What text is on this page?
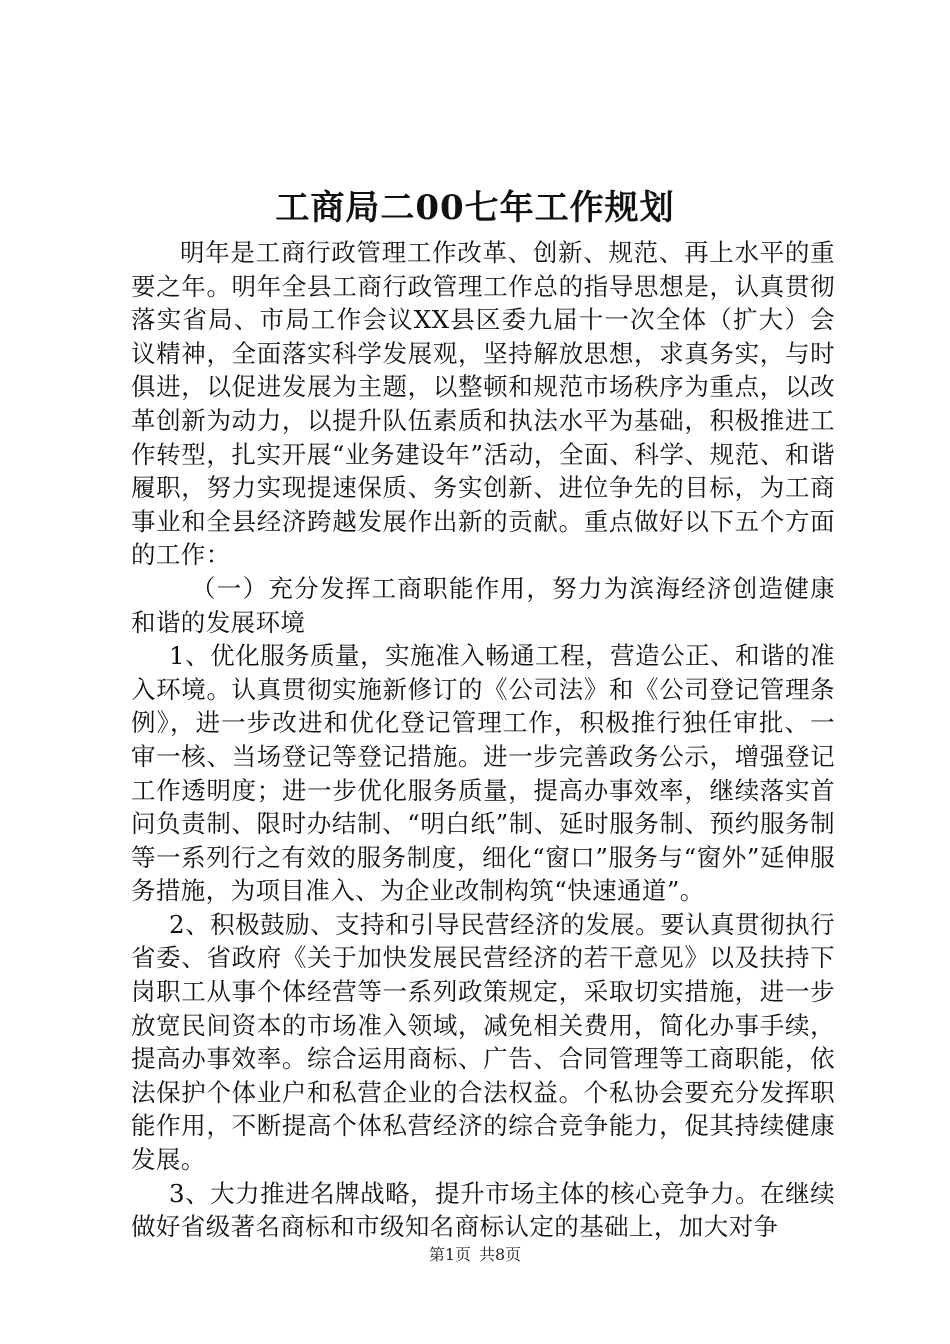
工商局二00七年工作规划

明年是工商行政管理工作改革、创新、规范、再上水平的重要之年。明年全县工商行政管理工作总的指导思想是，认真贯彻落实省局、市局工作会议XX县区委九届十一次全体（扩大）会议精神，全面落实科学发展观，坚持解放思想，求真务实，与时俱进，以促进发展为主题，以整顿和规范市场秩序为重点，以改革创新为动力，以提升队伍素质和执法水平为基础，积极推进工作转型，扎实开展“业务建设年”活动，全面、科学、规范、和谐履职，努力实现提速保质、务实创新、进位争先的目标，为工商事业和全县经济跨越发展作出新的贡献。重点做好以下五个方面的工作：

（一）充分发挥工商职能作用，努力为滨海经济创造健康和谐的发展环境

1、优化服务质量，实施准入畅通工程，营造公正、和谐的准入环境。认真贯彻实施新修订的《公司法》和《公司登记管理条例》，进一步改进和优化登记管理工作，积极推行独任审批、一审一核、当场登记等登记措施。进一步完善政务公示，增强登记工作透明度；进一步优化服务质量，提高办事效率，继续落实首问负责制、限时办结制、“明白纸”制、延时服务制、预约服务制等一系列行之有效的服务制度，细化“窗口”服务与“窗外”延伸服务措施，为项目准入、为企业改制构筑“快速通道”。

2、积极鼓励、支持和引导民营经济的发展。要认真贯彻执行省委、省政府《关于加快发展民营经济的若干意见》以及扶持下岗职工从事个体经营等一系列政策规定，采取切实措施，进一步放宽民间资本的市场准入领域，减免相关费用，简化办事手续，提高办事效率。综合运用商标、广告、合同管理等工商职能，依法保护个体业户和私营企业的合法权益。个私协会要充分发挥职能作用，不断提高个体私营经济的综合竞争能力，促其持续健康发展。

3、大力推进名牌战略，提升市场主体的核心竞争力。在继续做好省级著名商标和市级知名商标认定的基础上，加大对争

第1页 共8页
